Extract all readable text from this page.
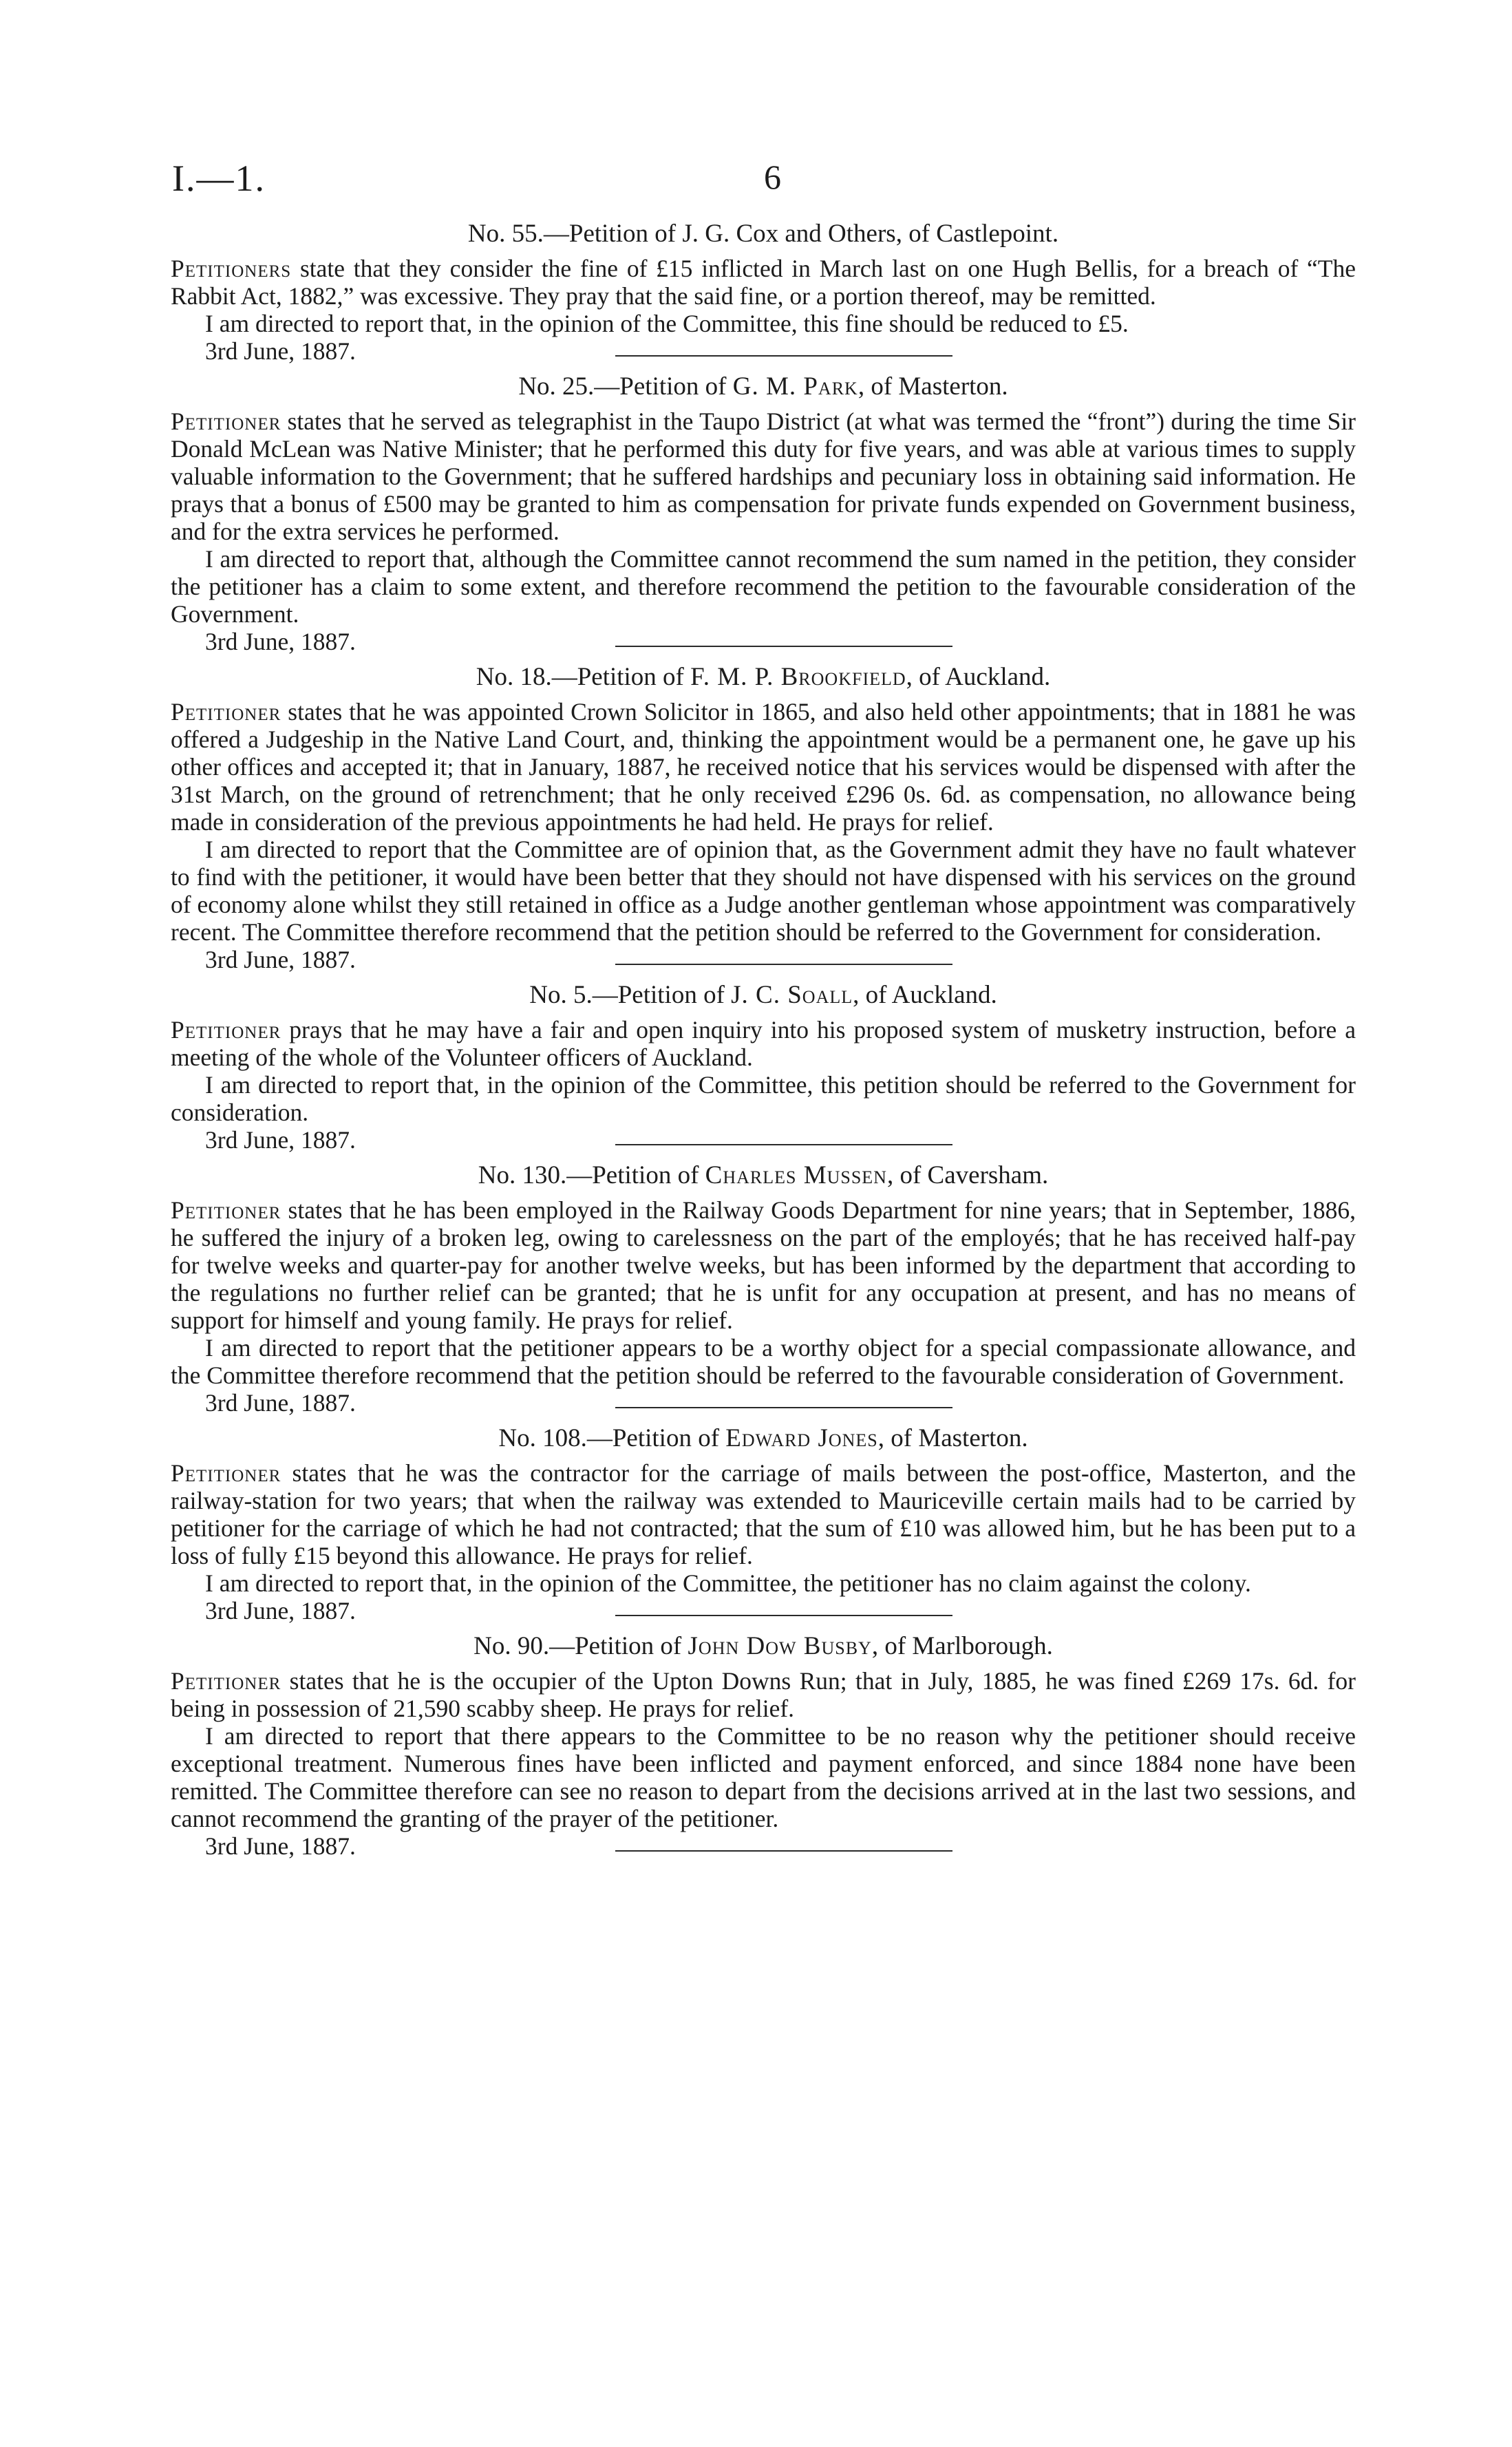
I.—1.	6

No. 55.—Petition of J. G. Cox and Others, of Castlepoint.

Petitioners state that they consider the fine of £15 inflicted in March last on one Hugh Bellis, for a breach of “The Rabbit Act, 1882,” was excessive. They pray that the said fine, or a portion thereof, may be remitted.

I am directed to report that, in the opinion of the Committee, this fine should be reduced to £5.

3rd June, 1887.

No. 25.—Petition of G. M. Park, of Masterton.

Petitioner states that he served as telegraphist in the Taupo District (at what was termed the “front”) during the time Sir Donald McLean was Native Minister; that he performed this duty for five years, and was able at various times to supply valuable information to the Government; that he suffered hardships and pecuniary loss in obtaining said information. He prays that a bonus of £500 may be granted to him as compensation for private funds expended on Government business, and for the extra services he performed.

I am directed to report that, although the Committee cannot recommend the sum named in the petition, they consider the petitioner has a claim to some extent, and therefore recommend the petition to the favourable consideration of the Government.

3rd June, 1887.

No. 18.—Petition of F. M. P. Brookfield, of Auckland.

Petitioner states that he was appointed Crown Solicitor in 1865, and also held other appointments; that in 1881 he was offered a Judgeship in the Native Land Court, and, thinking the appointment would be a permanent one, he gave up his other offices and accepted it; that in January, 1887, he received notice that his services would be dispensed with after the 31st March, on the ground of retrenchment; that he only received £296 0s. 6d. as compensation, no allowance being made in consideration of the previous appointments he had held. He prays for relief.

I am directed to report that the Committee are of opinion that, as the Government admit they have no fault whatever to find with the petitioner, it would have been better that they should not have dispensed with his services on the ground of economy alone whilst they still retained in office as a Judge another gentleman whose appointment was comparatively recent. The Committee therefore recommend that the petition should be referred to the Government for consideration.

3rd June, 1887.

No. 5.—Petition of J. C. Soall, of Auckland.

Petitioner prays that he may have a fair and open inquiry into his proposed system of musketry instruction, before a meeting of the whole of the Volunteer officers of Auckland.

I am directed to report that, in the opinion of the Committee, this petition should be referred to the Government for consideration.

3rd June, 1887.

No. 130.—Petition of Charles Mussen, of Caversham.

Petitioner states that he has been employed in the Railway Goods Department for nine years; that in September, 1886, he suffered the injury of a broken leg, owing to carelessness on the part of the employés; that he has received half-pay for twelve weeks and quarter-pay for another twelve weeks, but has been informed by the department that according to the regulations no further relief can be granted; that he is unfit for any occupation at present, and has no means of support for himself and young family. He prays for relief.

I am directed to report that the petitioner appears to be a worthy object for a special compassionate allowance, and the Committee therefore recommend that the petition should be referred to the favourable consideration of Government.

3rd June, 1887.

No. 108.—Petition of Edward Jones, of Masterton.

Petitioner states that he was the contractor for the carriage of mails between the post-office, Masterton, and the railway-station for two years; that when the railway was extended to Mauriceville certain mails had to be carried by petitioner for the carriage of which he had not contracted; that the sum of £10 was allowed him, but he has been put to a loss of fully £15 beyond this allowance. He prays for relief.

I am directed to report that, in the opinion of the Committee, the petitioner has no claim against the colony.

3rd June, 1887.

No. 90.—Petition of John Dow Busby, of Marlborough.

Petitioner states that he is the occupier of the Upton Downs Run; that in July, 1885, he was fined £269 17s. 6d. for being in possession of 21,590 scabby sheep. He prays for relief.

I am directed to report that there appears to the Committee to be no reason why the petitioner should receive exceptional treatment. Numerous fines have been inflicted and payment enforced, and since 1884 none have been remitted. The Committee therefore can see no reason to depart from the decisions arrived at in the last two sessions, and cannot recommend the granting of the prayer of the petitioner.

3rd June, 1887.
